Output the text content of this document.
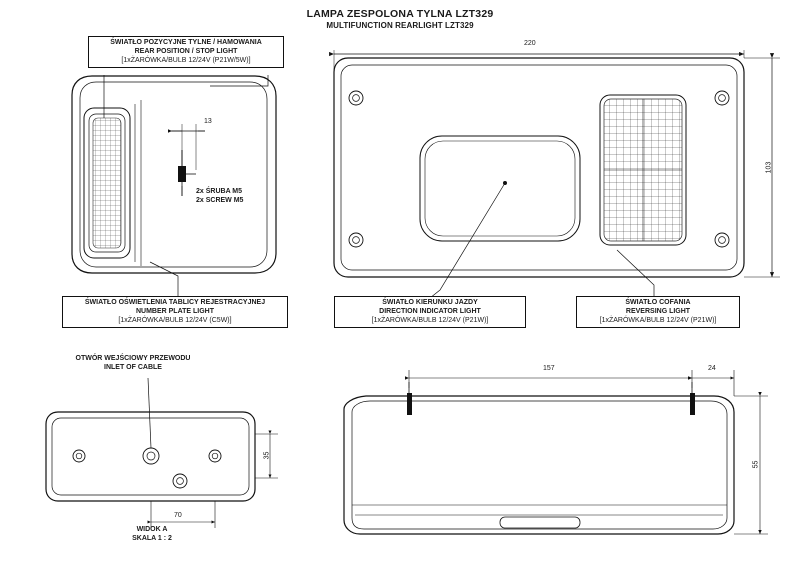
LAMPA ZESPOLONA TYLNA LZT329
MULTIFUNCTION REARLIGHT LZT329
ŚWIATŁO POZYCYJNE TYLNE / HAMOWANIA
REAR POSITION / STOP LIGHT
[1xŻARÓWKA/BULB 12/24V (P21W/5W)]
ŚWIATŁO OŚWIETLENIA TABLICY REJESTRACYJNEJ
NUMBER PLATE LIGHT
[1xŻARÓWKA/BULB 12/24V (C5W)]
ŚWIATŁO KIERUNKU JAZDY
DIRECTION INDICATOR LIGHT
[1xŻARÓWKA/BULB 12/24V (P21W)]
ŚWIATŁO COFANIA
REVERSING LIGHT
[1xŻARÓWKA/BULB 12/24V (P21W)]
2x ŚRUBA M5
2x SCREW M5
OTWÓR WEJŚCIOWY PRZEWODU
INLET OF CABLE
WIDOK A
SKALA 1 : 2
220
103
13
157	24
55
70
35
